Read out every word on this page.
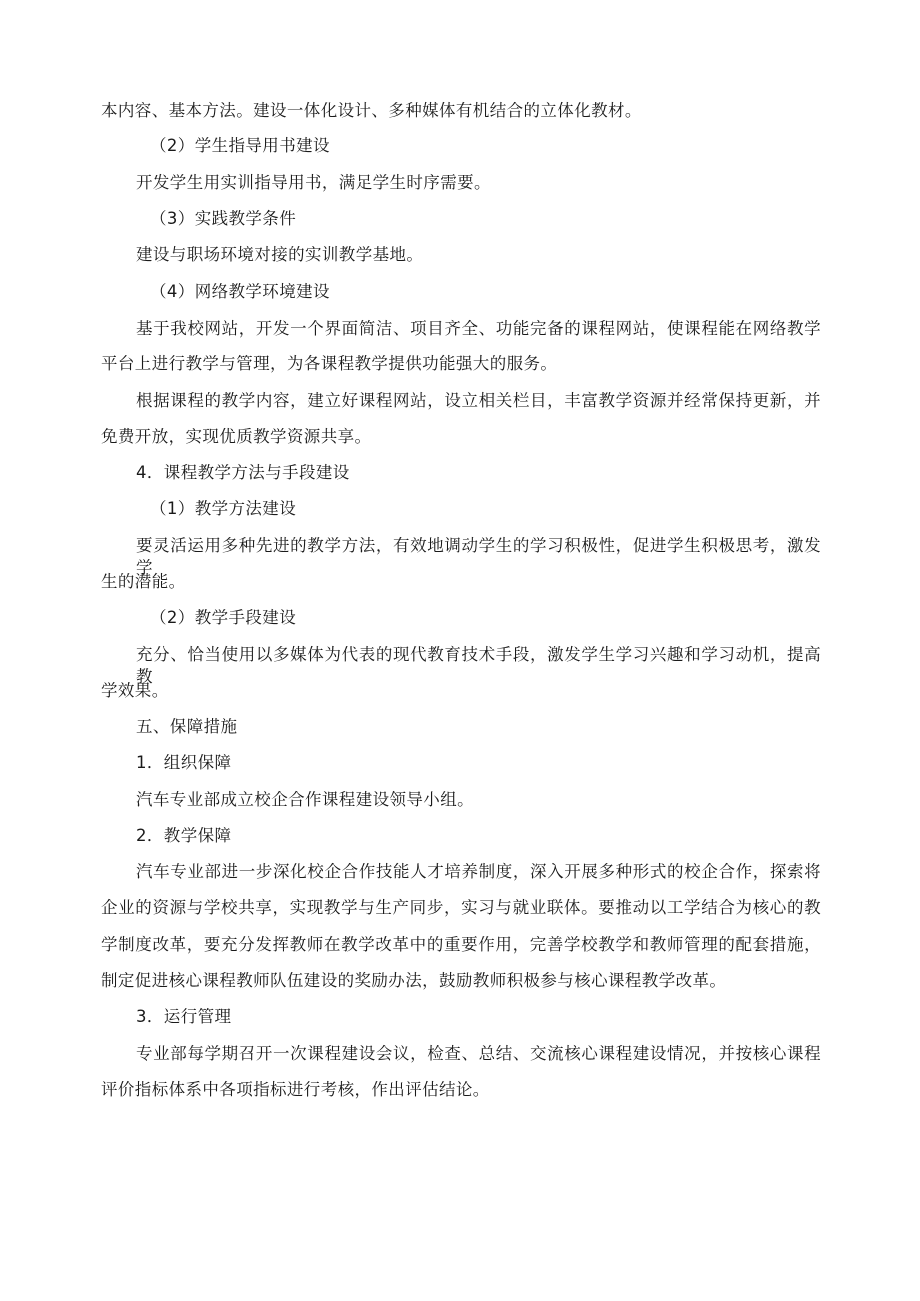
本内容、基本方法。建设一体化设计、多种媒体有机结合的立体化教材。
（2）学生指导用书建设
开发学生用实训指导用书，满足学生时序需要。
（3）实践教学条件
建设与职场环境对接的实训教学基地。
（4）网络教学环境建设
基于我校网站，开发一个界面简洁、项目齐全、功能完备的课程网站，使课程能在网络教学
平台上进行教学与管理，为各课程教学提供功能强大的服务。
根据课程的教学内容，建立好课程网站，设立相关栏目，丰富教学资源并经常保持更新，并
免费开放，实现优质教学资源共享。
4．课程教学方法与手段建设
（1）教学方法建设
要灵活运用多种先进的教学方法，有效地调动学生的学习积极性，促进学生积极思考，激发学
生的潜能。
（2）教学手段建设
充分、恰当使用以多媒体为代表的现代教育技术手段，激发学生学习兴趣和学习动机，提高教
学效果。
五、保障措施
1．组织保障
汽车专业部成立校企合作课程建设领导小组。
2．教学保障
汽车专业部进一步深化校企合作技能人才培养制度，深入开展多种形式的校企合作，探索将
企业的资源与学校共享，实现教学与生产同步，实习与就业联体。要推动以工学结合为核心的教
学制度改革，要充分发挥教师在教学改革中的重要作用，完善学校教学和教师管理的配套措施，
制定促进核心课程教师队伍建设的奖励办法，鼓励教师积极参与核心课程教学改革。
3．运行管理
专业部每学期召开一次课程建设会议，检查、总结、交流核心课程建设情况，并按核心课程
评价指标体系中各项指标进行考核，作出评估结论。
